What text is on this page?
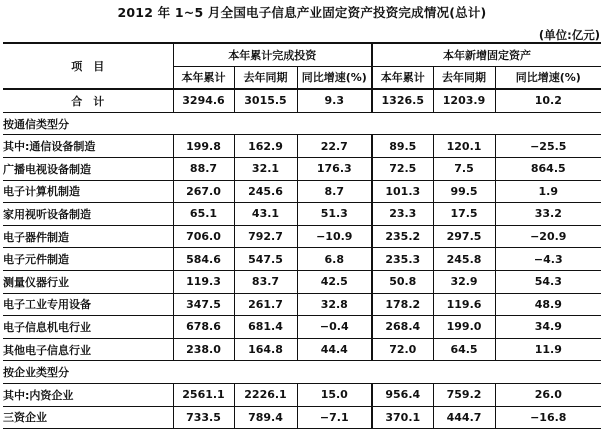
2012 年 1~5 月全国电子信息产业固定资产投资完成情况(总计)
(单位:亿元)
项　目	本年累计完成投资			本年新增固定资产		
	本年累计	去年同期	同比增速(%)	本年累计	去年同期	同比增速(%)
合　计	3294.6	3015.5	9.3	1326.5	1203.9	10.2
按通信类型分						
其中:通信设备制造	199.8	162.9	22.7	89.5	120.1	−25.5
广播电视设备制造	88.7	32.1	176.3	72.5	7.5	864.5
电子计算机制造	267.0	245.6	8.7	101.3	99.5	1.9
家用视听设备制造	65.1	43.1	51.3	23.3	17.5	33.2
电子器件制造	706.0	792.7	−10.9	235.2	297.5	−20.9
电子元件制造	584.6	547.5	6.8	235.3	245.8	−4.3
测量仪器行业	119.3	83.7	42.5	50.8	32.9	54.3
电子工业专用设备	347.5	261.7	32.8	178.2	119.6	48.9
电子信息机电行业	678.6	681.4	−0.4	268.4	199.0	34.9
其他电子信息行业	238.0	164.8	44.4	72.0	64.5	11.9
按企业类型分						
其中:内资企业	2561.1	2226.1	15.0	956.4	759.2	26.0
三资企业	733.5	789.4	−7.1	370.1	444.7	−16.8
